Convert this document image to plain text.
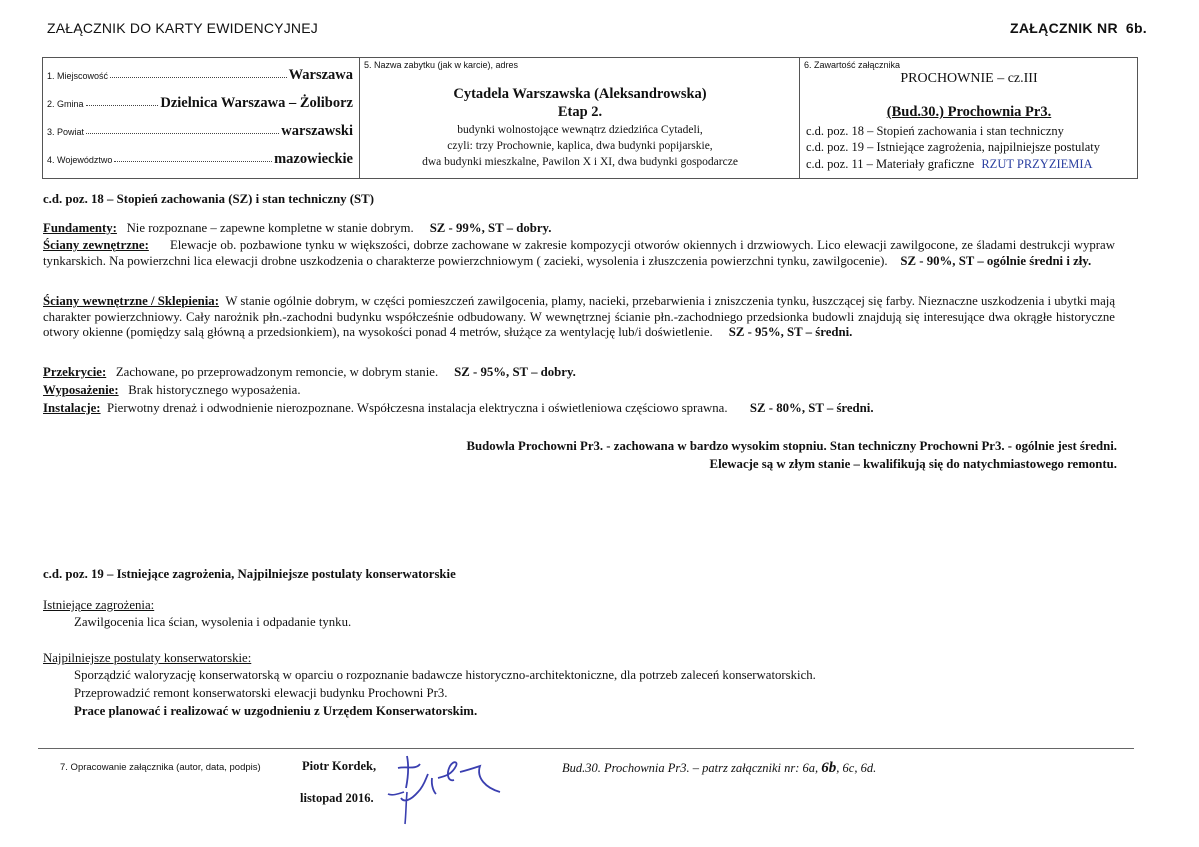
ZAŁĄCZNIK DO KARTY EWIDENCYJNEJ	ZAŁĄCZNIK NR 6b.
1. Miejscowość	Warszawa
2. Gmina	Dzielnica Warszawa – Żoliborz
3. Powiat	warszawski
4. Województwo	mazowieckie
5. Nazwa zabytku (jak w karcie), adres
Cytadela Warszawska (Aleksandrowska)
Etap 2.
budynki wolnostojące wewnątrz dziedzińca Cytadeli,
czyli: trzy Prochownie, kaplica, dwa budynki popijarskie,
dwa budynki mieszkalne, Pawilon X i XI, dwa budynki gospodarcze
6. Zawartość załącznika
PROCHOWNIE – cz.III
(Bud.30.) Prochownia Pr3.
c.d. poz. 18 – Stopień zachowania i stan techniczny
c.d. poz. 19 – Istniejące zagrożenia, najpilniejsze postulaty
c.d. poz. 11 – Materiały graficzne RZUT PRZYZIEMIA
c.d. poz. 18 – Stopień zachowania (SZ) i stan techniczny (ST)
Fundamenty: Nie rozpoznane – zapewne kompletne w stanie dobrym. SZ - 99%, ST – dobry.
Ściany zewnętrzne: Elewacje ob. pozbawione tynku w większości, dobrze zachowane w zakresie kompozycji otworów okiennych i drzwiowych. Lico elewacji zawilgocone, ze śladami destrukcji wypraw tynkarskich. Na powierzchni lica elewacji drobne uszkodzenia o charakterze powierzchniowym ( zacieki, wysolenia i złuszczenia powierzchni tynku, zawilgocenie). SZ - 90%, ST – ogólnie średni i zły.
Ściany wewnętrzne / Sklepienia: W stanie ogólnie dobrym, w części pomieszczeń zawilgocenia, plamy, nacieki, przebarwienia i zniszczenia tynku, łuszczącej się farby. Nieznaczne uszkodzenia i ubytki mają charakter powierzchniowy. Cały narożnik płn.-zachodni budynku współcześnie odbudowany. W wewnętrznej ścianie płn.-zachodniego przedsionka budowli znajdują się interesujące dwa okrągłe historyczne otwory okienne (pomiędzy salą główną a przedsionkiem), na wysokości ponad 4 metrów, służące za wentylację lub/i doświetlenie. SZ - 95%, ST – średni.
Przekrycie: Zachowane, po przeprowadzonym remoncie, w dobrym stanie. SZ - 95%, ST – dobry.
Wyposażenie: Brak historycznego wyposażenia.
Instalacje: Pierwotny drenaż i odwodnienie nierozpoznane. Współczesna instalacja elektryczna i oświetleniowa częściowo sprawna. SZ - 80%, ST – średni.
Budowla Prochowni Pr3. - zachowana w bardzo wysokim stopniu. Stan techniczny Prochowni Pr3. - ogólnie jest średni.
Elewacje są w złym stanie – kwalifikują się do natychmiastowego remontu.
c.d. poz. 19 – Istniejące zagrożenia, Najpilniejsze postulaty konserwatorskie
Istniejące zagrożenia:
Zawilgocenia lica ścian, wysolenia i odpadanie tynku.
Najpilniejsze postulaty konserwatorskie:
Sporządzić waloryzację konserwatorską w oparciu o rozpoznanie badawcze historyczno-architektoniczne, dla potrzeb zaleceń konserwatorskich.
Przeprowadzić remont konserwatorski elewacji budynku Prochowni Pr3.
Prace planować i realizować w uzgodnieniu z Urzędem Konserwatorskim.
7. Opracowanie załącznika (autor, data, podpis)	Piotr Kordek,
listopad 2016.
Bud.30. Prochownia Pr3. – patrz załączniki nr: 6a, 6b, 6c, 6d.
